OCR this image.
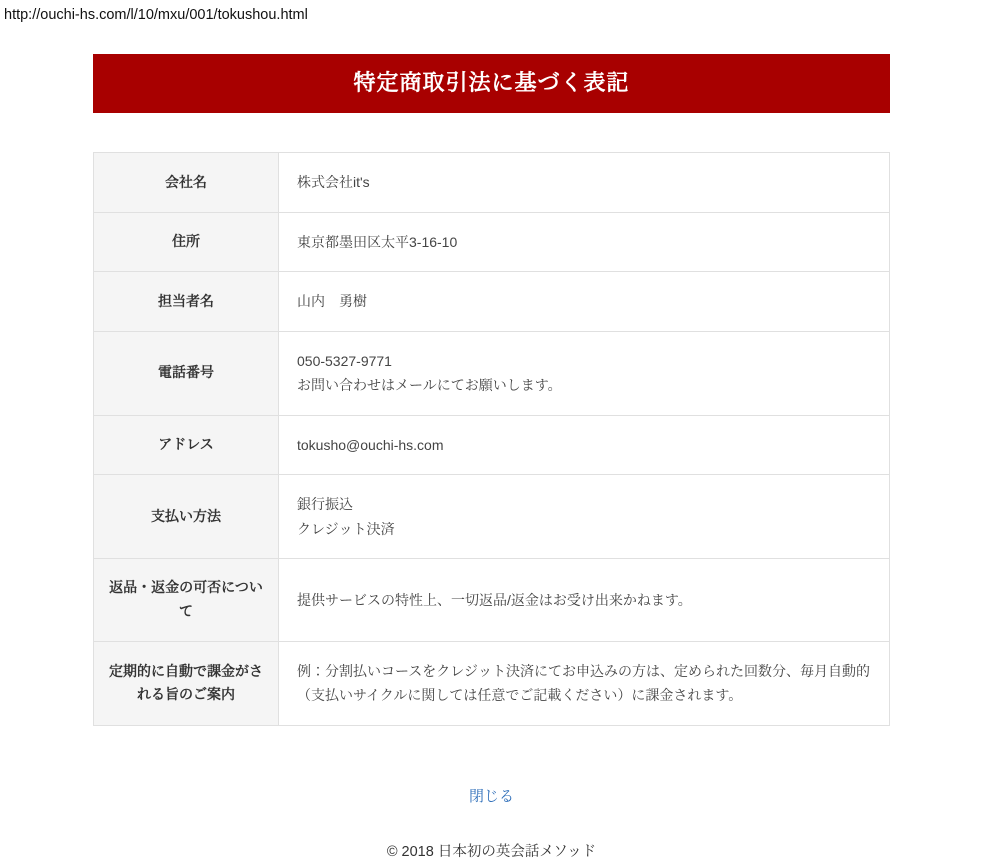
http://ouchi-hs.com/l/10/mxu/001/tokushou.html
特定商取引法に基づく表記
会社名	株式会社it's

住所	東京都墨田区太平3-16-10

担当者名	山内　勇樹

電話番号	050-5327-9771
お問い合わせはメールにてお願いします。

アドレス	tokusho@ouchi-hs.com

支払い方法	銀行振込
クレジット決済

返品・返金の可否について	提供サービスの特性上、一切返品/返金はお受け出来かねます。

定期的に自動で課金がされる旨のご案内	例：分割払いコースをクレジット決済にてお申込みの方は、定められた回数分、毎月自動的（支払いサイクルに関しては任意でご記載ください）に課金されます。
閉じる
© 2018 日本初の英会話メソッド
